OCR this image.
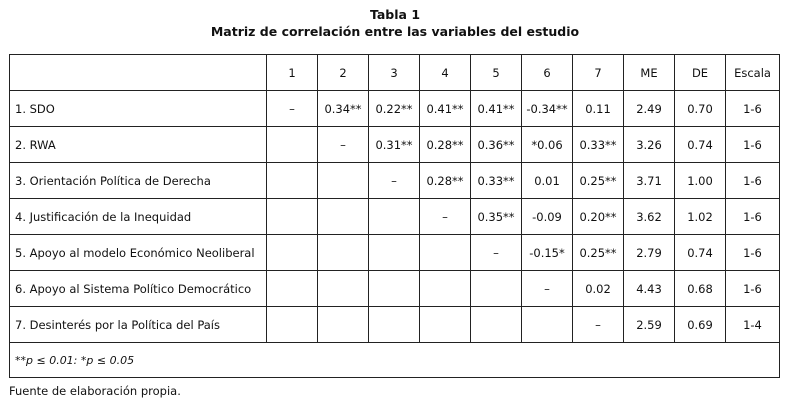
Tabla 1
Matriz de correlación entre las variables del estudio
	1	2	3	4	5	6	7	ME	DE	Escala
1. SDO	–	0.34**	0.22**	0.41**	0.41**	-0.34**	0.11	2.49	0.70	1-6
2. RWA		–	0.31**	0.28**	0.36**	*0.06	0.33**	3.26	0.74	1-6
3. Orientación Política de Derecha			–	0.28**	0.33**	0.01	0.25**	3.71	1.00	1-6
4. Justificación de la Inequidad				–	0.35**	-0.09	0.20**	3.62	1.02	1-6
5. Apoyo al modelo Económico Neoliberal					–	-0.15*	0.25**	2.79	0.74	1-6
6. Apoyo al Sistema Político Democrático						–	0.02	4.43	0.68	1-6
7. Desinterés por la Política del País							–	2.59	0.69	1-4
**p ≤ 0.01: *p ≤ 0.05										
Fuente de elaboración propia.
